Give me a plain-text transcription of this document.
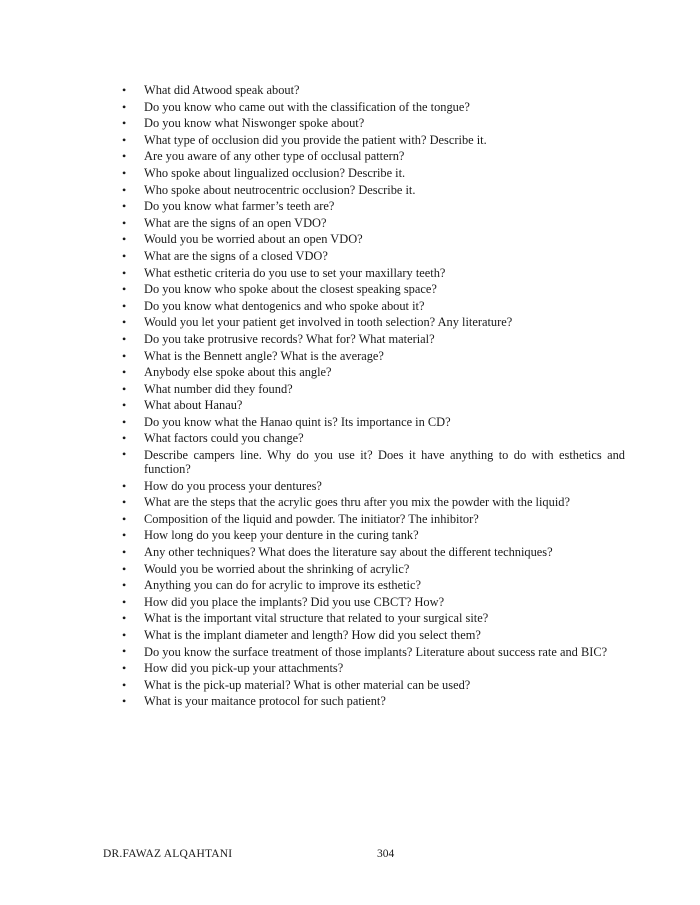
• What did Atwood speak about?
• Do you know who came out with the classification of the tongue?
• Do you know what Niswonger spoke about?
• What type of occlusion did you provide the patient with? Describe it.
• Are you aware of any other type of occlusal pattern?
• Who spoke about lingualized occlusion? Describe it.
• Who spoke about neutrocentric occlusion? Describe it.
• Do you know what farmer’s teeth are?
• What are the signs of an open VDO?
• Would you be worried about an open VDO?
• What are the signs of a closed VDO?
• What esthetic criteria do you use to set your maxillary teeth?
• Do you know who spoke about the closest speaking space?
• Do you know what dentogenics and who spoke about it?
• Would you let your patient get involved in tooth selection? Any literature?
• Do you take protrusive records? What for? What material?
• What is the Bennett angle? What is the average?
• Anybody else spoke about this angle?
• What number did they found?
• What about Hanau?
• Do you know what the Hanao quint is? Its importance in CD?
• What factors could you change?
• Describe campers line. Why do you use it? Does it have anything to do with esthetics and function?
• How do you process your dentures?
• What are the steps that the acrylic goes thru after you mix the powder with the liquid?
• Composition of the liquid and powder. The initiator? The inhibitor?
• How long do you keep your denture in the curing tank?
• Any other techniques? What does the literature say about the different techniques?
• Would you be worried about the shrinking of acrylic?
• Anything you can do for acrylic to improve its esthetic?
• How did you place the implants? Did you use CBCT? How?
• What is the important vital structure that related to your surgical site?
• What is the implant diameter and length? How did you select them?
• Do you know the surface treatment of those implants? Literature about success rate and BIC?
• How did you pick-up your attachments?
• What is the pick-up material? What is other material can be used?
• What is your maitance protocol for such patient?
DR.FAWAZ ALQAHTANI	304
